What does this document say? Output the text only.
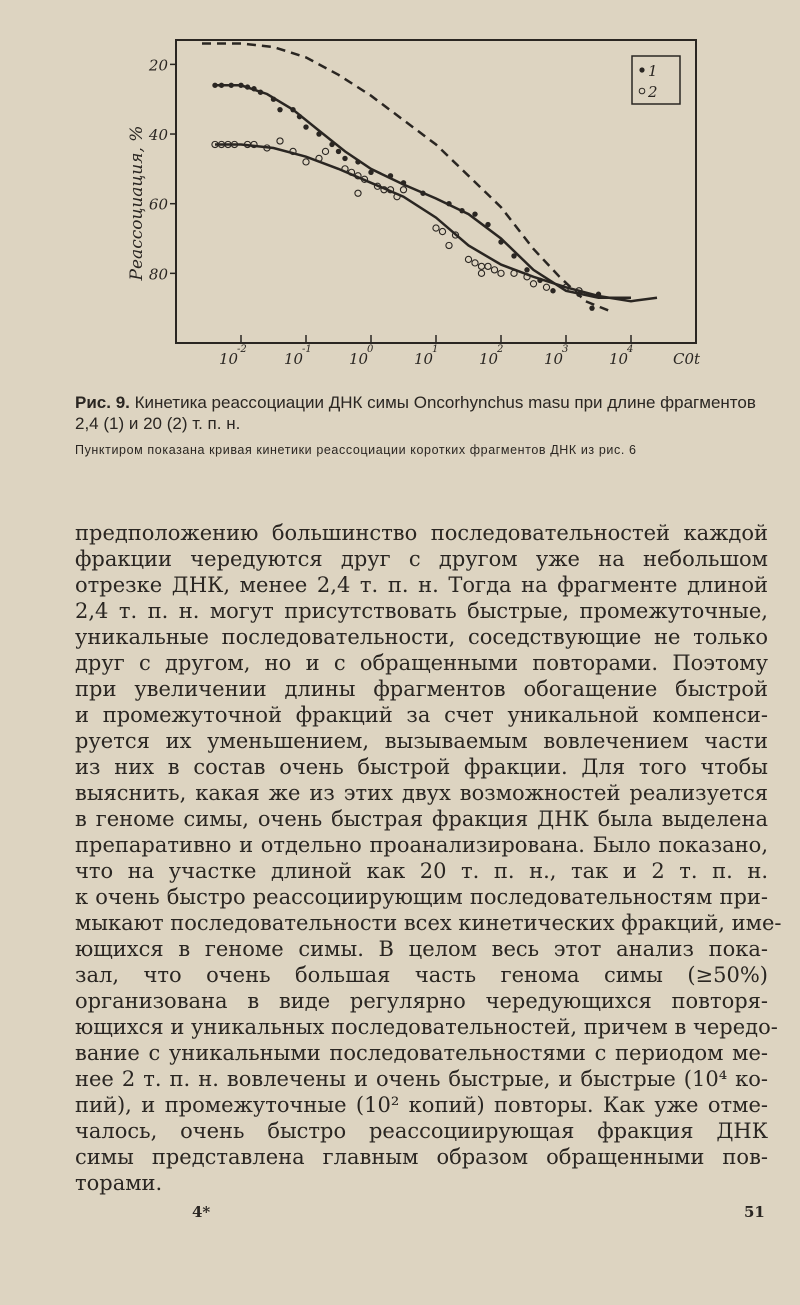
20
40
60
80
10
-2
10
-1
10
0
10
1
10
2
10
3
10
4
Реассоциация, %
C0t
1
2
Рис. 9. Кинетика реассоциации ДНК симы Oncorhynchus masu при длине фрагментов 2,4 (1) и 20 (2) т. п. н.
Пунктиром показана кривая кинетики реассоциации коротких фрагментов ДНК из рис. 6

предположению большинство последовательностей каждой
фракции чередуются друг с другом уже на небольшом
отрезке ДНК, менее 2,4 т. п. н. Тогда на фрагменте длиной
2,4 т. п. н. могут присутствовать быстрые, промежуточные,
уникальные последовательности, соседствующие не только
друг с другом, но и с обращенными повторами. Поэтому
при увеличении длины фрагментов обогащение быстрой
и промежуточной фракций за счет уникальной компенси-
руется их уменьшением, вызываемым вовлечением части
из них в состав очень быстрой фракции. Для того чтобы
выяснить, какая же из этих двух возможностей реализуется
в геноме симы, очень быстрая фракция ДНК была выделена
препаративно и отдельно проанализирована. Было показано,
что на участке длиной как 20 т. п. н., так и 2 т. п. н.
к очень быстро реассоциирующим последовательностям при-
мыкают последовательности всех кинетических фракций, име-
ющихся в геноме симы. В целом весь этот анализ пока-
зал, что очень большая часть генома симы (≥50%)
организована в виде регулярно чередующихся повторя-
ющихся и уникальных последовательностей, причем в чередо-
вание с уникальными последовательностями с периодом ме-
нее 2 т. п. н. вовлечены и очень быстрые, и быстрые (10⁴ ко-
пий), и промежуточные (10² копий) повторы. Как уже отме-
чалось, очень быстро реассоциирующая фракция ДНК
симы представлена главным образом обращенными пов-
торами.

4*	51
